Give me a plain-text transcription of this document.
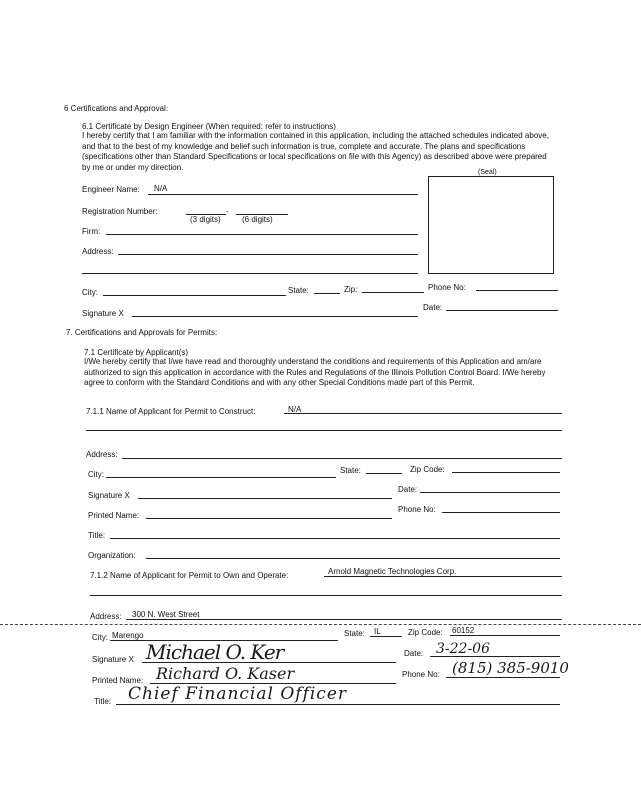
6 Certifications and Approval:
6.1 Certificate by Design Engineer (When required: refer to instructions)
I hereby certify that I am familiar with the information contained in this application, including the attached schedules indicated above, and that to the best of my knowledge and belief such information is true, complete and accurate. The plans and specifications (specifications other than Standard Specifications or local specifications on file with this Agency) as described above were prepared by me or under my direction.
(Seal)
Engineer Name: N/A
Registration Number:	-
(3 digits)	(6 digits)
Firm:
Address:
City:	State:	Zip:	Phone No:
Signature X
Date:
7. Certifications and Approvals for Permits:
7.1 Certificate by Applicant(s)
I/We hereby certify that I/we have read and thoroughly understand the conditions and requirements of this Application and am/are authorized to sign this application in accordance with the Rules and Regulations of the Illinois Pollution Control Board. I/We hereby agree to conform with the Standard Conditions and with any other Special Conditions made part of this Permit.
7.1.1 Name of Applicant for Permit to Construct:	N/A
Address:
City:	State:	Zip Code:
Signature X
Date:
Printed Name:
Phone No:
Title:
Organization:
7.1.2 Name of Applicant for Permit to Own and Operate:	Arnold Magnetic Technologies Corp.
Address: 300 N. West Street
City: Marengo	State: IL	Zip Code: 60152
Signature X Michael O. Ker	Date: 3-22-06
Printed Name: Richard O. Kaser	Phone No: (815) 385-9010
Title: Chief Financial Officer
